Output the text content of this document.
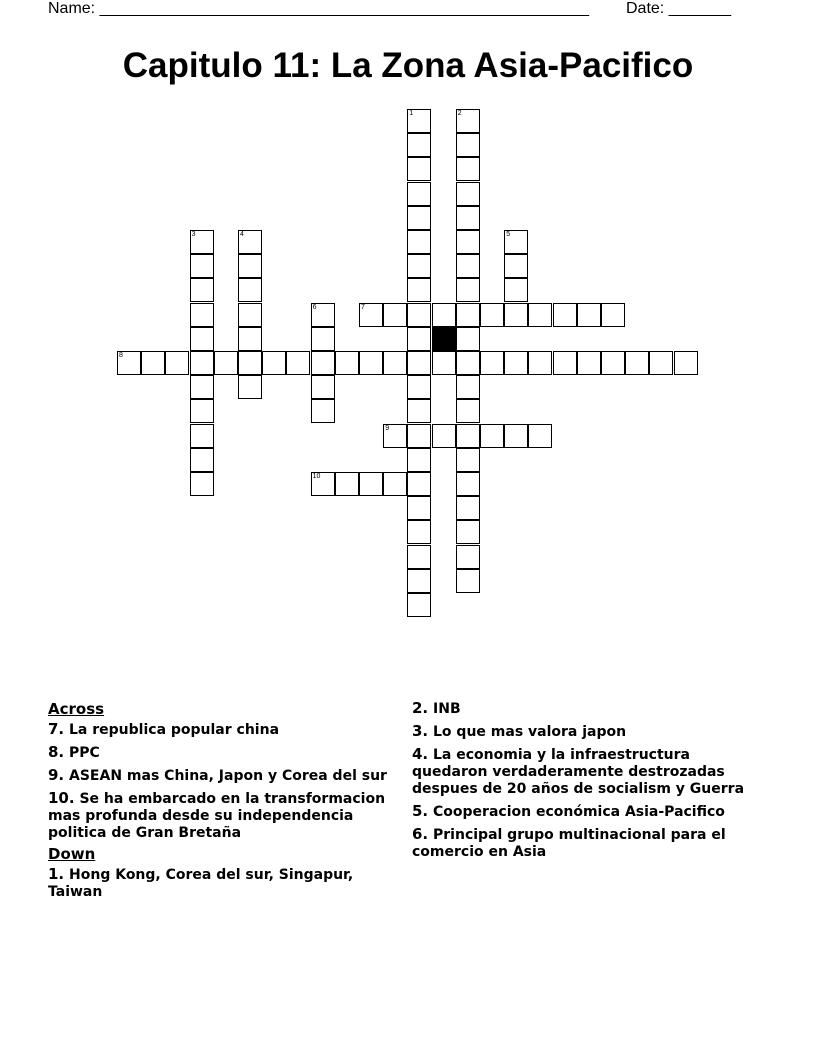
Name: _______________________________________________________ Date: _______
Capitulo 11: La Zona Asia-Pacifico
1	2
3	4	5
6	7
8
9
10
Across
7. La republica popular china
8. PPC
9. ASEAN mas China, Japon y Corea del sur
10. Se ha embarcado en la transformacion mas profunda desde su independencia politica de Gran Bretaña
Down
1. Hong Kong, Corea del sur, Singapur, Taiwan
2. INB
3. Lo que mas valora japon
4. La economia y la infraestructura quedaron verdaderamente destrozadas despues de 20 años de socialism y Guerra
5. Cooperacion económica Asia-Pacifico
6. Principal grupo multinacional para el comercio en Asia
